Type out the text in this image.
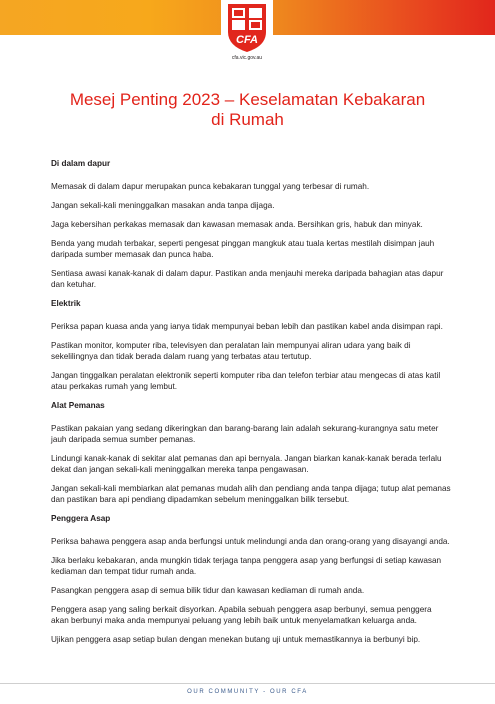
CFA
cfa.vic.gov.au
Mesej Penting 2023 – Keselamatan Kebakaran
di Rumah
Di dalam dapur

Memasak di dalam dapur merupakan punca kebakaran tunggal yang terbesar di rumah.

Jangan sekali-kali meninggalkan masakan anda tanpa dijaga.

Jaga kebersihan perkakas memasak dan kawasan memasak anda. Bersihkan gris, habuk dan minyak.

Benda yang mudah terbakar, seperti pengesat pinggan mangkuk atau tuala kertas mestilah disimpan jauh daripada sumber memasak dan punca haba.

Sentiasa awasi kanak-kanak di dalam dapur. Pastikan anda menjauhi mereka daripada bahagian atas dapur dan ketuhar.

Elektrik

Periksa papan kuasa anda yang ianya tidak mempunyai beban lebih dan pastikan kabel anda disimpan rapi.

Pastikan monitor, komputer riba, televisyen dan peralatan lain mempunyai aliran udara yang baik di sekelilingnya dan tidak berada dalam ruang yang terbatas atau tertutup.

Jangan tinggalkan peralatan elektronik seperti komputer riba dan telefon terbiar atau mengecas di atas katil atau perkakas rumah yang lembut.

Alat Pemanas

Pastikan pakaian yang sedang dikeringkan dan barang-barang lain adalah sekurang-kurangnya satu meter jauh daripada semua sumber pemanas.

Lindungi kanak-kanak di sekitar alat pemanas dan api bernyala. Jangan biarkan kanak-kanak berada terlalu dekat dan jangan sekali-kali meninggalkan mereka tanpa pengawasan.

Jangan sekali-kali membiarkan alat pemanas mudah alih dan pendiang anda tanpa dijaga; tutup alat pemanas dan pastikan bara api pendiang dipadamkan sebelum meninggalkan bilik tersebut.

Penggera Asap

Periksa bahawa penggera asap anda berfungsi untuk melindungi anda dan orang-orang yang disayangi anda.

Jika berlaku kebakaran, anda mungkin tidak terjaga tanpa penggera asap yang berfungsi di setiap kawasan kediaman dan tempat tidur rumah anda.

Pasangkan penggera asap di semua bilik tidur dan kawasan kediaman di rumah anda.

Penggera asap yang saling berkait disyorkan. Apabila sebuah penggera asap berbunyi, semua penggera akan berbunyi maka anda mempunyai peluang yang lebih baik untuk menyelamatkan keluarga anda.

Ujikan penggera asap setiap bulan dengan menekan butang uji untuk memastikannya ia berbunyi bip.

OUR COMMUNITY - OUR CFA
